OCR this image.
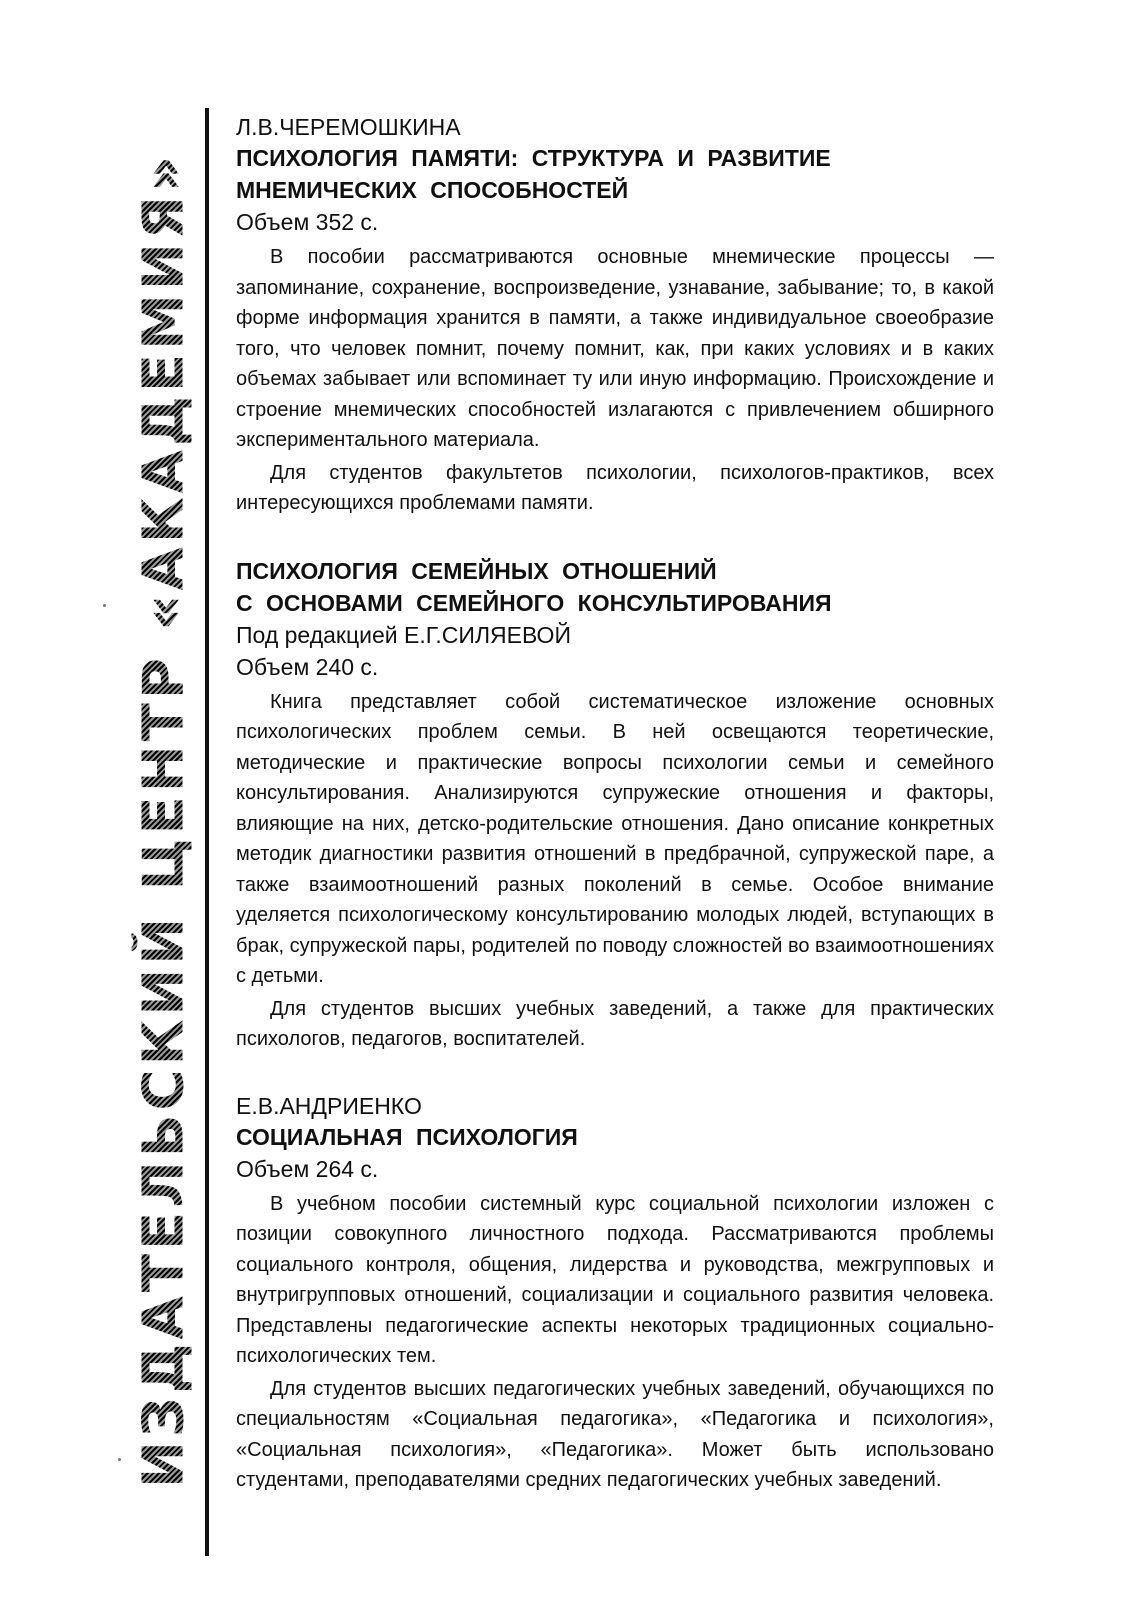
ИЗДАТЕЛЬСКИЙ ЦЕНТР «АКАДЕМИЯ»
Л.В.ЧЕРЕМОШКИНА
ПСИХОЛОГИЯ ПАМЯТИ: СТРУКТУРА И РАЗВИТИЕ
МНЕМИЧЕСКИХ СПОСОБНОСТЕЙ
Объем 352 с.

В пособии рассматриваются основные мнемические процессы — запоминание, сохранение, воспроизведение, узнавание, забывание; то, в какой форме информация хранится в памяти, а также индивидуальное своеобразие того, что человек помнит, почему помнит, как, при каких условиях и в каких объемах забывает или вспоминает ту или иную информацию. Происхождение и строение мнемических способностей излагаются с привлечением обширного экспериментального материала.

Для студентов факультетов психологии, психологов-практиков, всех интересующихся проблемами памяти.

ПСИХОЛОГИЯ СЕМЕЙНЫХ ОТНОШЕНИЙ
С ОСНОВАМИ СЕМЕЙНОГО КОНСУЛЬТИРОВАНИЯ
Под редакцией Е.Г.СИЛЯЕВОЙ
Объем 240 с.

Книга представляет собой систематическое изложение основных психологических проблем семьи. В ней освещаются теоретические, методические и практические вопросы психологии семьи и семейного консультирования. Анализируются супружеские отношения и факторы, влияющие на них, детско-родительские отношения. Дано описание конкретных методик диагностики развития отношений в предбрачной, супружеской паре, а также взаимоотношений разных поколений в семье. Особое внимание уделяется психологическому консультированию молодых людей, вступающих в брак, супружеской пары, родителей по поводу сложностей во взаимоотношениях с детьми.

Для студентов высших учебных заведений, а также для практических психологов, педагогов, воспитателей.

Е.В.АНДРИЕНКО
СОЦИАЛЬНАЯ ПСИХОЛОГИЯ
Объем 264 с.

В учебном пособии системный курс социальной психологии изложен с позиции совокупного личностного подхода. Рассматриваются проблемы социального контроля, общения, лидерства и руководства, межгрупповых и внутригрупповых отношений, социализации и социального развития человека. Представлены педагогические аспекты некоторых традиционных социально-психологических тем.

Для студентов высших педагогических учебных заведений, обучающихся по специальностям «Социальная педагогика», «Педагогика и психология», «Социальная психология», «Педагогика». Может быть использовано студентами, преподавателями средних педагогических учебных заведений.
